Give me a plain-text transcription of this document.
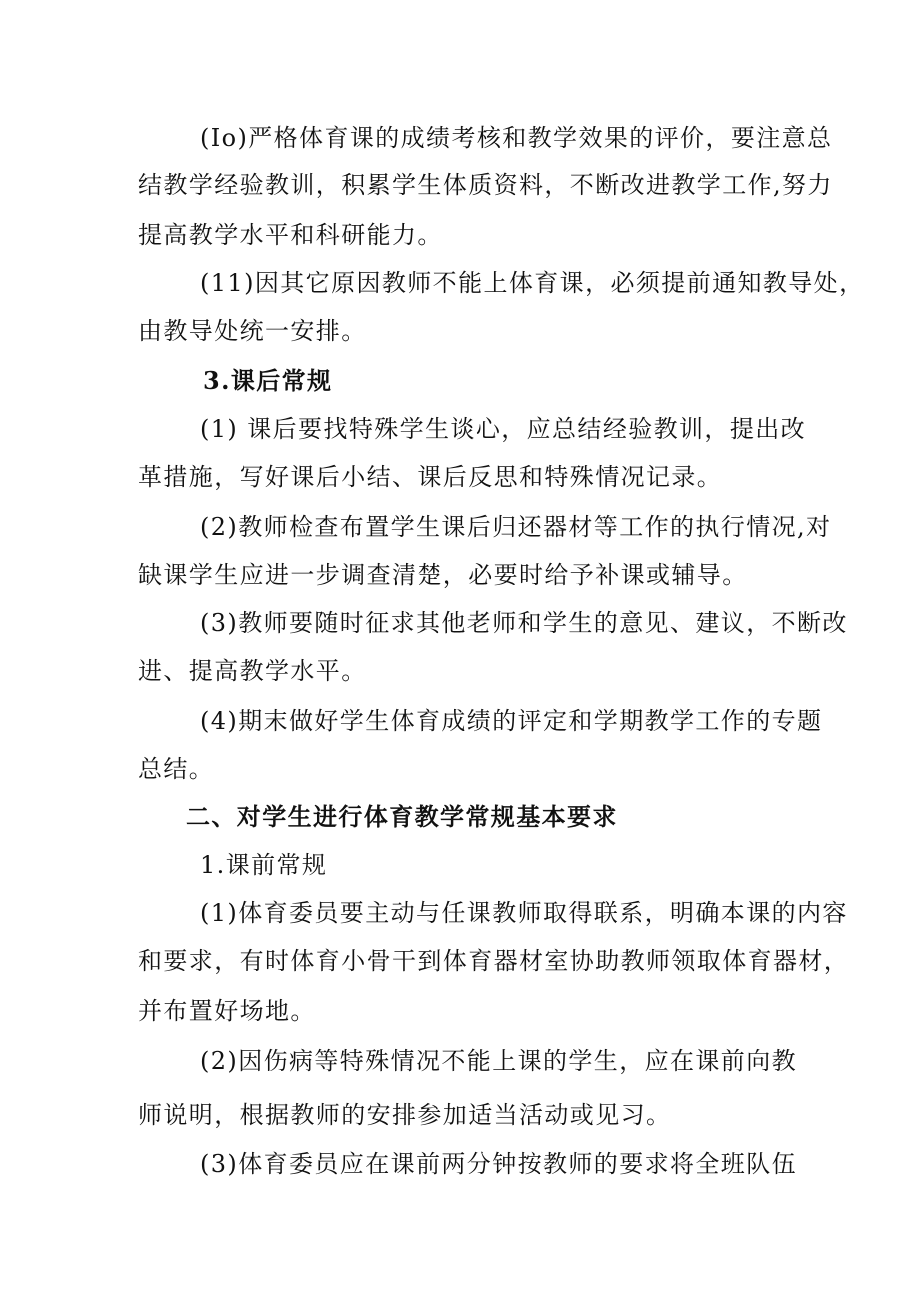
(Io)严格体育课的成绩考核和教学效果的评价，要注意总
结教学经验教训，积累学生体质资料，不断改进教学工作,努力
提高教学水平和科研能力。
(11)因其它原因教师不能上体育课，必须提前通知教导处，
由教导处统一安排。
3.课后常规
(1) 课后要找特殊学生谈心，应总结经验教训，提出改
革措施，写好课后小结、课后反思和特殊情况记录。
(2)教师检查布置学生课后归还器材等工作的执行情况,对
缺课学生应进一步调查清楚，必要时给予补课或辅导。
(3)教师要随时征求其他老师和学生的意见、建议，不断改
进、提高教学水平。
(4)期末做好学生体育成绩的评定和学期教学工作的专题
总结。
二、对学生进行体育教学常规基本要求
1.课前常规
(1)体育委员要主动与任课教师取得联系，明确本课的内容
和要求，有时体育小骨干到体育器材室协助教师领取体育器材，
并布置好场地。
(2)因伤病等特殊情况不能上课的学生，应在课前向教
师说明，根据教师的安排参加适当活动或见习。
(3)体育委员应在课前两分钟按教师的要求将全班队伍
